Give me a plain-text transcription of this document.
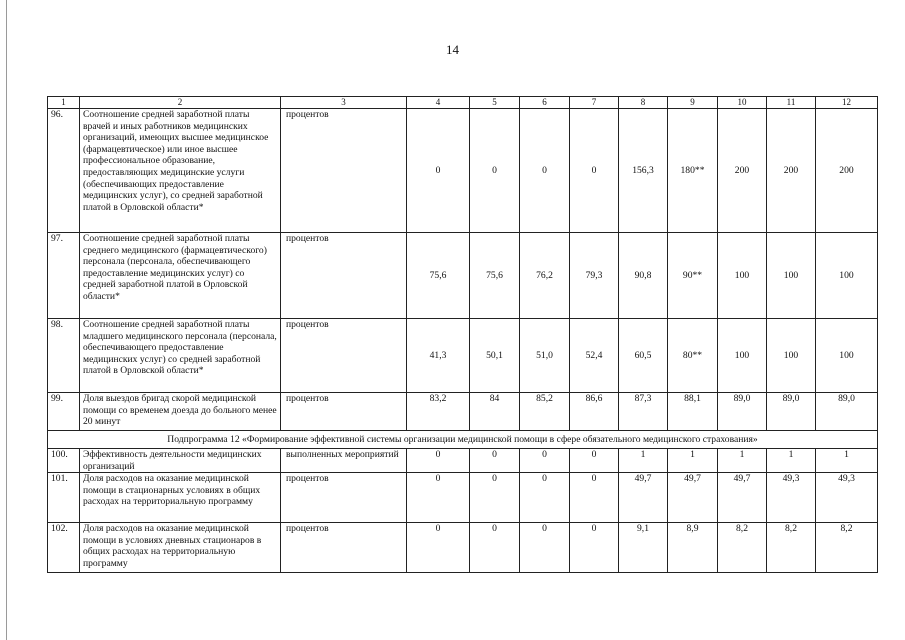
14
1	2	3	4	5	6	7	8	9	10	11	12
96.	Соотношение средней заработной платы врачей и иных работников медицинских организаций, имеющих высшее медицинское (фармацевтическое) или иное высшее профессиональное образование, предоставляющих медицинские услуги (обеспечивающих предоставление медицинских услуг), со средней заработной платой в Орловской области*	процентов	0	0	0	0	156,3	180**	200	200	200
97.	Соотношение средней заработной платы среднего медицинского (фармацевтического) персонала (персонала, обеспечивающего предоставление медицинских услуг) со средней заработной платой в Орловской области*	процентов	75,6	75,6	76,2	79,3	90,8	90**	100	100	100
98.	Соотношение средней заработной платы младшего медицинского персонала (персонала, обеспечивающего предоставление медицинских услуг) со средней заработной платой в Орловской области*	процентов	41,3	50,1	51,0	52,4	60,5	80**	100	100	100
99.	Доля выездов бригад скорой медицинской помощи со временем доезда до больного менее 20 минут	процентов	83,2	84	85,2	86,6	87,3	88,1	89,0	89,0	89,0
Подпрограмма 12 «Формирование эффективной системы организации медицинской помощи в сфере обязательного медицинского страхования»											
100.	Эффективность деятельности медицинских организаций	выполненных мероприятий	0	0	0	0	1	1	1	1	1
101.	Доля расходов на оказание медицинской помощи в стационарных условиях в общих расходах на территориальную программу	процентов	0	0	0	0	49,7	49,7	49,7	49,3	49,3
102.	Доля расходов на оказание медицинской помощи в условиях дневных стационаров в общих расходах на территориальную программу	процентов	0	0	0	0	9,1	8,9	8,2	8,2	8,2
